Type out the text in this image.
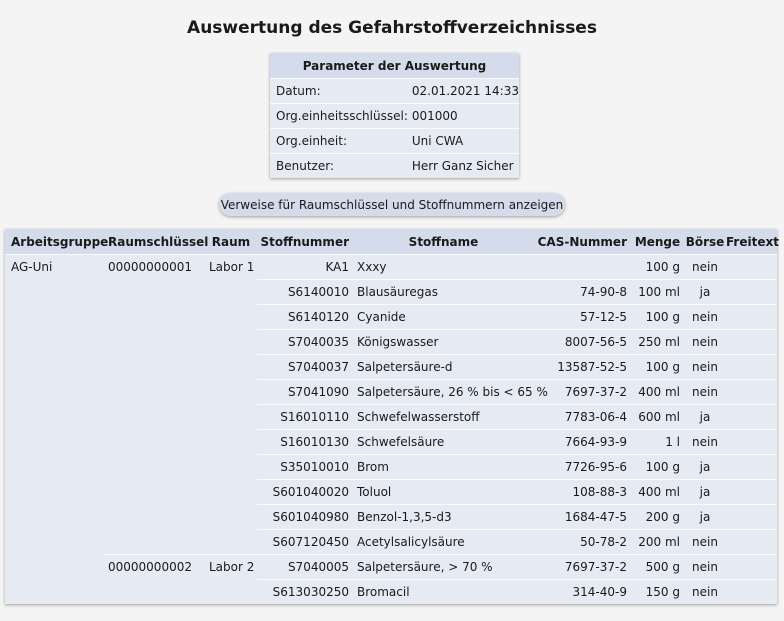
Auswertung des Gefahrstoffverzeichnisses
Parameter der Auswertung	
Datum:	02.01.2021 14:33
Org.einheitsschlüssel:	001000
Org.einheit:	Uni CWA
Benutzer:	Herr Ganz Sicher
Verweise für Raumschlüssel und Stoffnummern anzeigen
Arbeitsgruppe	Raumschlüssel	Raum	Stoffnummer	Stoffname	CAS-Nummer	Menge	Börse	Freitext
AG-Uni	00000000001	Labor 1	KA1	Xxxy		100 g	nein	
			S6140010	Blausäuregas	74-90-8	100 ml	ja	
			S6140120	Cyanide	57-12-5	100 g	nein	
			S7040035	Königswasser	8007-56-5	250 ml	nein	
			S7040037	Salpetersäure-d	13587-52-5	100 g	nein	
			S7041090	Salpetersäure, 26 % bis < 65 %	7697-37-2	400 ml	nein	
			S16010110	Schwefelwasserstoff	7783-06-4	600 ml	ja	
			S16010130	Schwefelsäure	7664-93-9	1 l	nein	
			S35010010	Brom	7726-95-6	100 g	ja	
			S601040020	Toluol	108-88-3	400 ml	ja	
			S601040980	Benzol-1,3,5-d3	1684-47-5	200 g	ja	
			S607120450	Acetylsalicylsäure	50-78-2	200 ml	nein	
	00000000002	Labor 2	S7040005	Salpetersäure, > 70 %	7697-37-2	500 g	nein	
			S613030250	Bromacil	314-40-9	150 g	nein	
